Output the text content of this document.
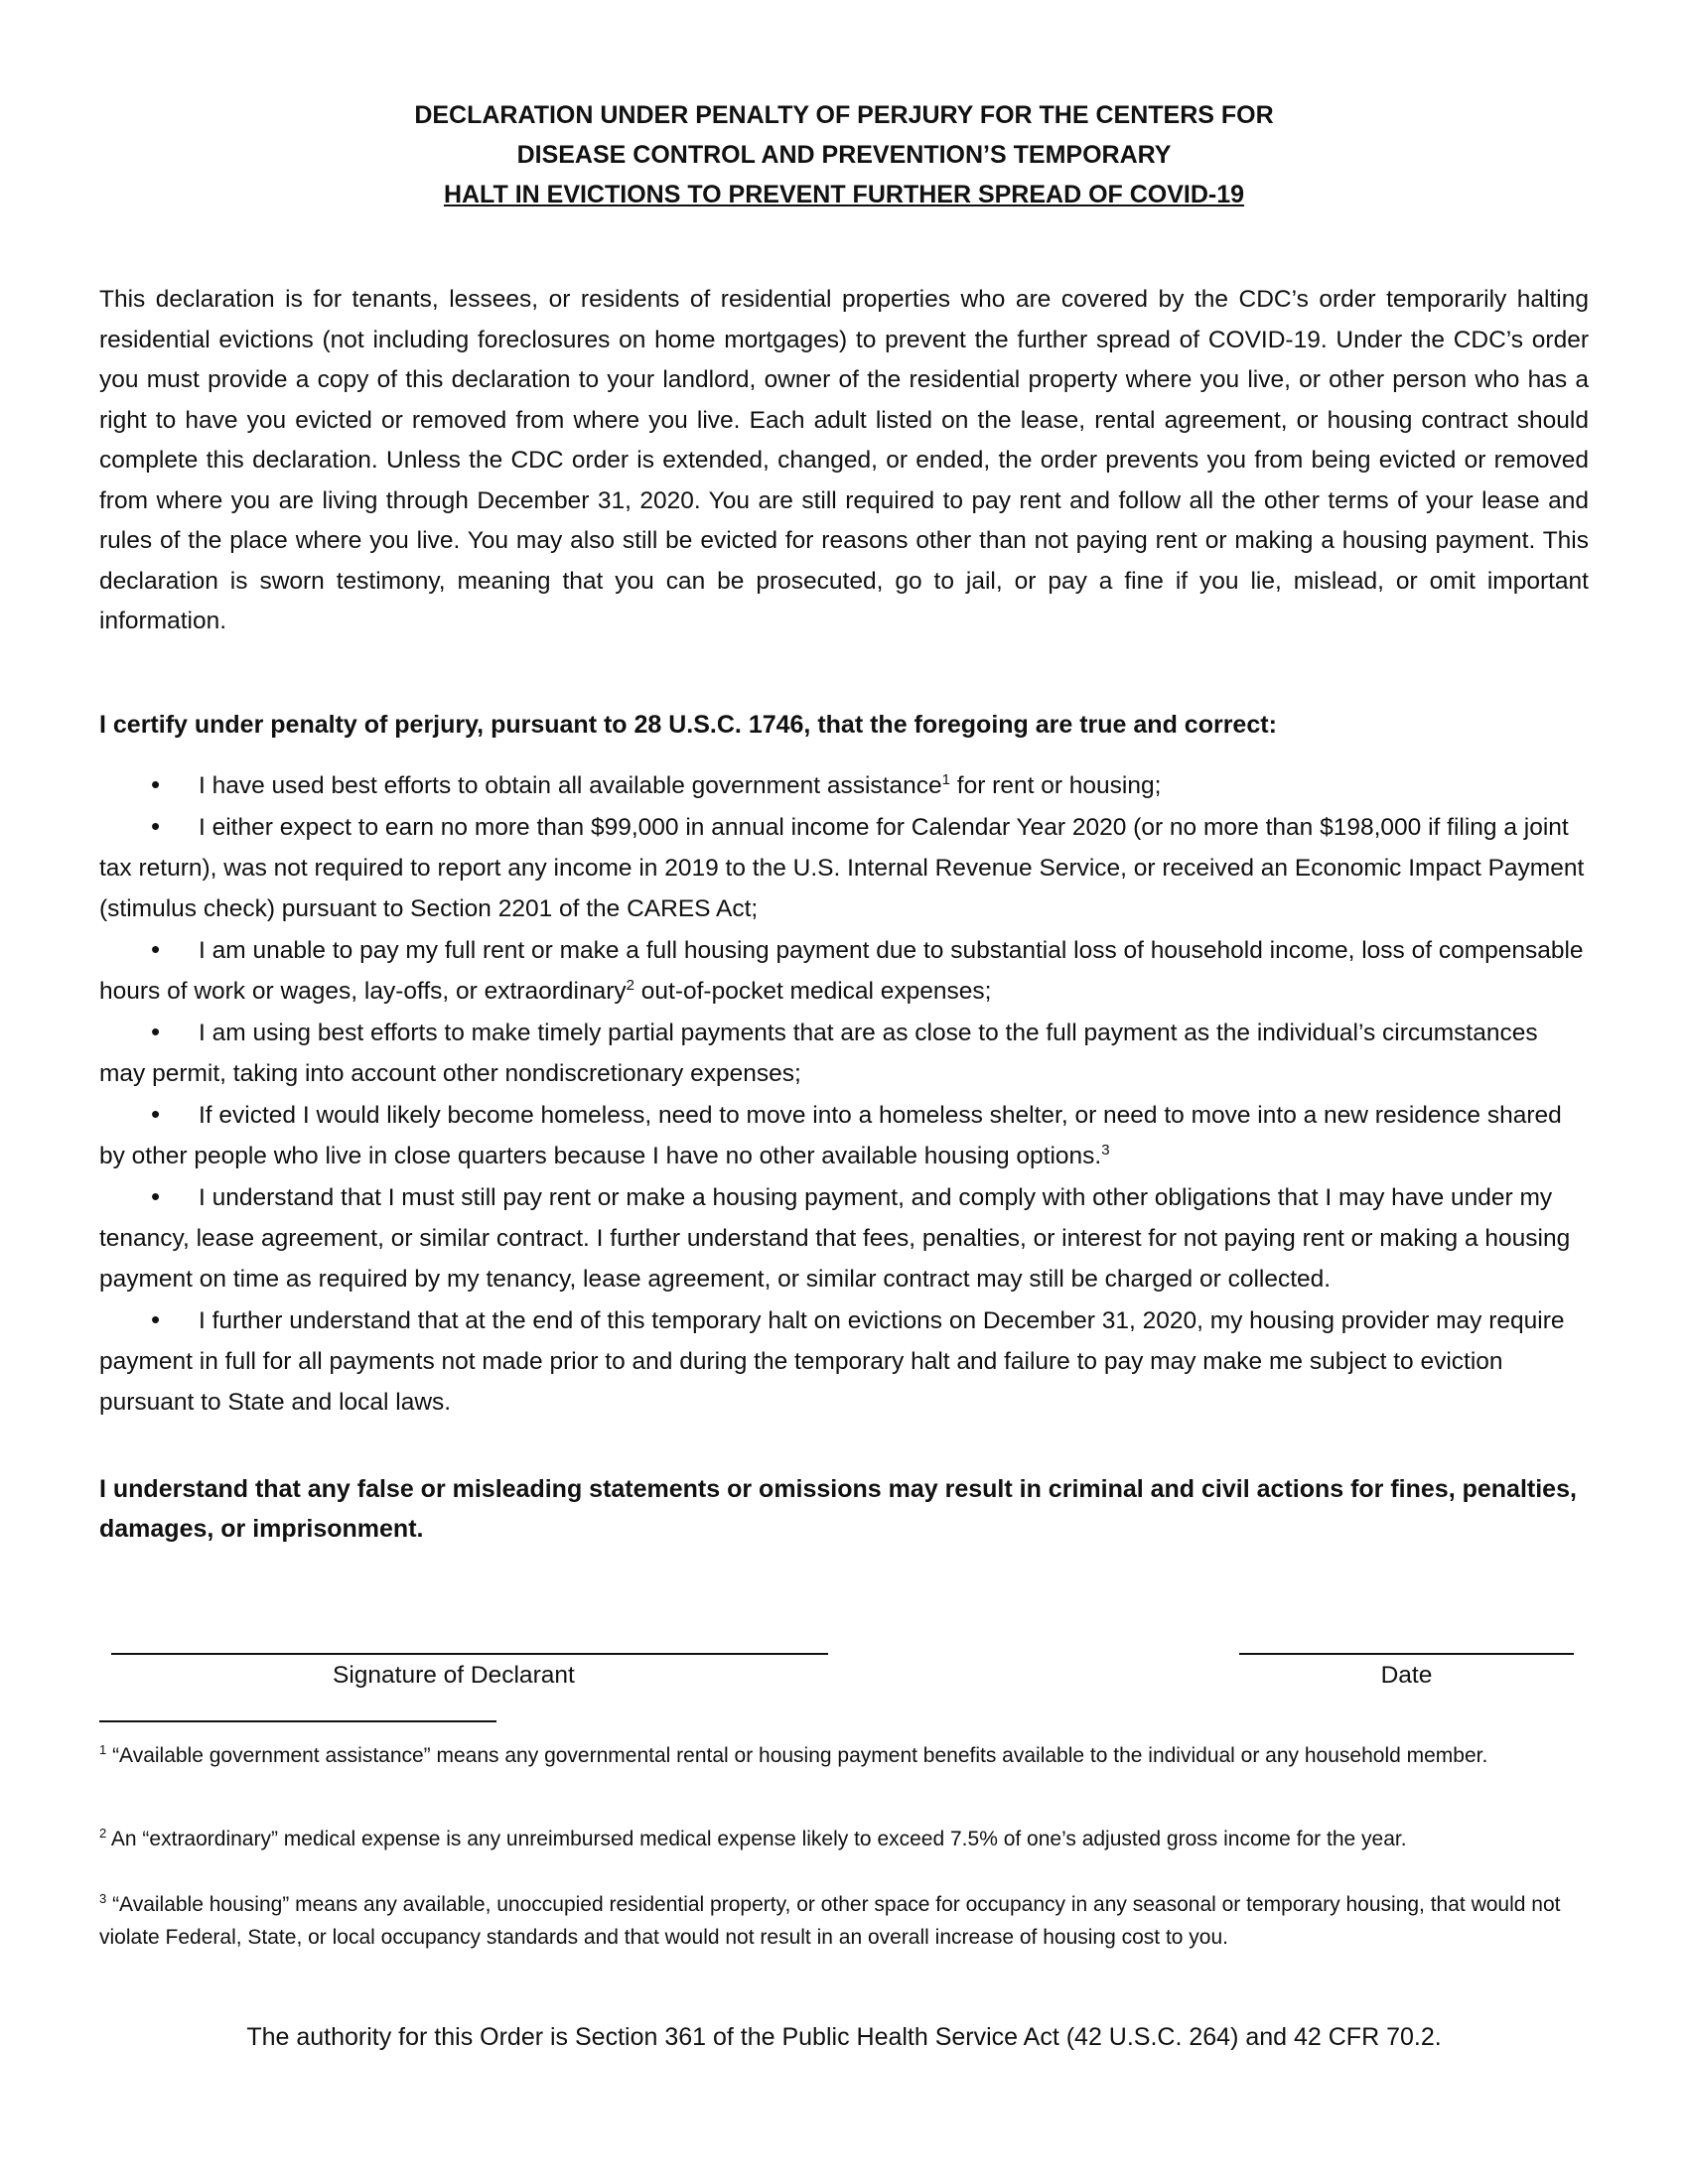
DECLARATION UNDER PENALTY OF PERJURY FOR THE CENTERS FOR
DISEASE CONTROL AND PREVENTION’S TEMPORARY
HALT IN EVICTIONS TO PREVENT FURTHER SPREAD OF COVID-19
This declaration is for tenants, lessees, or residents of residential properties who are covered by the CDC’s order temporarily halting residential evictions (not including foreclosures on home mortgages) to prevent the further spread of COVID-19. Under the CDC’s order you must provide a copy of this declaration to your landlord, owner of the residential property where you live, or other person who has a right to have you evicted or removed from where you live. Each adult listed on the lease, rental agreement, or housing contract should complete this declaration. Unless the CDC order is extended, changed, or ended, the order prevents you from being evicted or removed from where you are living through December 31, 2020. You are still required to pay rent and follow all the other terms of your lease and rules of the place where you live. You may also still be evicted for reasons other than not paying rent or making a housing payment. This declaration is sworn testimony, meaning that you can be prosecuted, go to jail, or pay a fine if you lie, mislead, or omit important information.
I certify under penalty of perjury, pursuant to 28 U.S.C. 1746, that the foregoing are true and correct:

• I have used best efforts to obtain all available government assistance$^1$ for rent or housing;

• I either expect to earn no more than $99,000 in annual income for Calendar Year 2020 (or no more than $198,000 if filing a joint tax return), was not required to report any income in 2019 to the U.S. Internal Revenue Service, or received an Economic Impact Payment (stimulus check) pursuant to Section 2201 of the CARES Act;

• I am unable to pay my full rent or make a full housing payment due to substantial loss of household income, loss of compensable hours of work or wages, lay-offs, or extraordinary$^2$ out-of-pocket medical expenses;

• I am using best efforts to make timely partial payments that are as close to the full payment as the individual’s circumstances may permit, taking into account other nondiscretionary expenses;

• If evicted I would likely become homeless, need to move into a homeless shelter, or need to move into a new residence shared by other people who live in close quarters because I have no other available housing options.$^3$

• I understand that I must still pay rent or make a housing payment, and comply with other obligations that I may have under my tenancy, lease agreement, or similar contract. I further understand that fees, penalties, or interest for not paying rent or making a housing payment on time as required by my tenancy, lease agreement, or similar contract may still be charged or collected.

• I further understand that at the end of this temporary halt on evictions on December 31, 2020, my housing provider may require payment in full for all payments not made prior to and during the temporary halt and failure to pay may make me subject to eviction pursuant to State and local laws.

I understand that any false or misleading statements or omissions may result in criminal and civil actions for fines, penalties, damages, or imprisonment.
Signature of Declarant	Date
$^1$ “Available government assistance” means any governmental rental or housing payment benefits available to the individual or any household member.
$^2$ An “extraordinary” medical expense is any unreimbursed medical expense likely to exceed 7.5% of one’s adjusted gross income for the year.
$^3$ “Available housing” means any available, unoccupied residential property, or other space for occupancy in any seasonal or temporary housing, that would not violate Federal, State, or local occupancy standards and that would not result in an overall increase of housing cost to you.
The authority for this Order is Section 361 of the Public Health Service Act (42 U.S.C. 264) and 42 CFR 70.2.
